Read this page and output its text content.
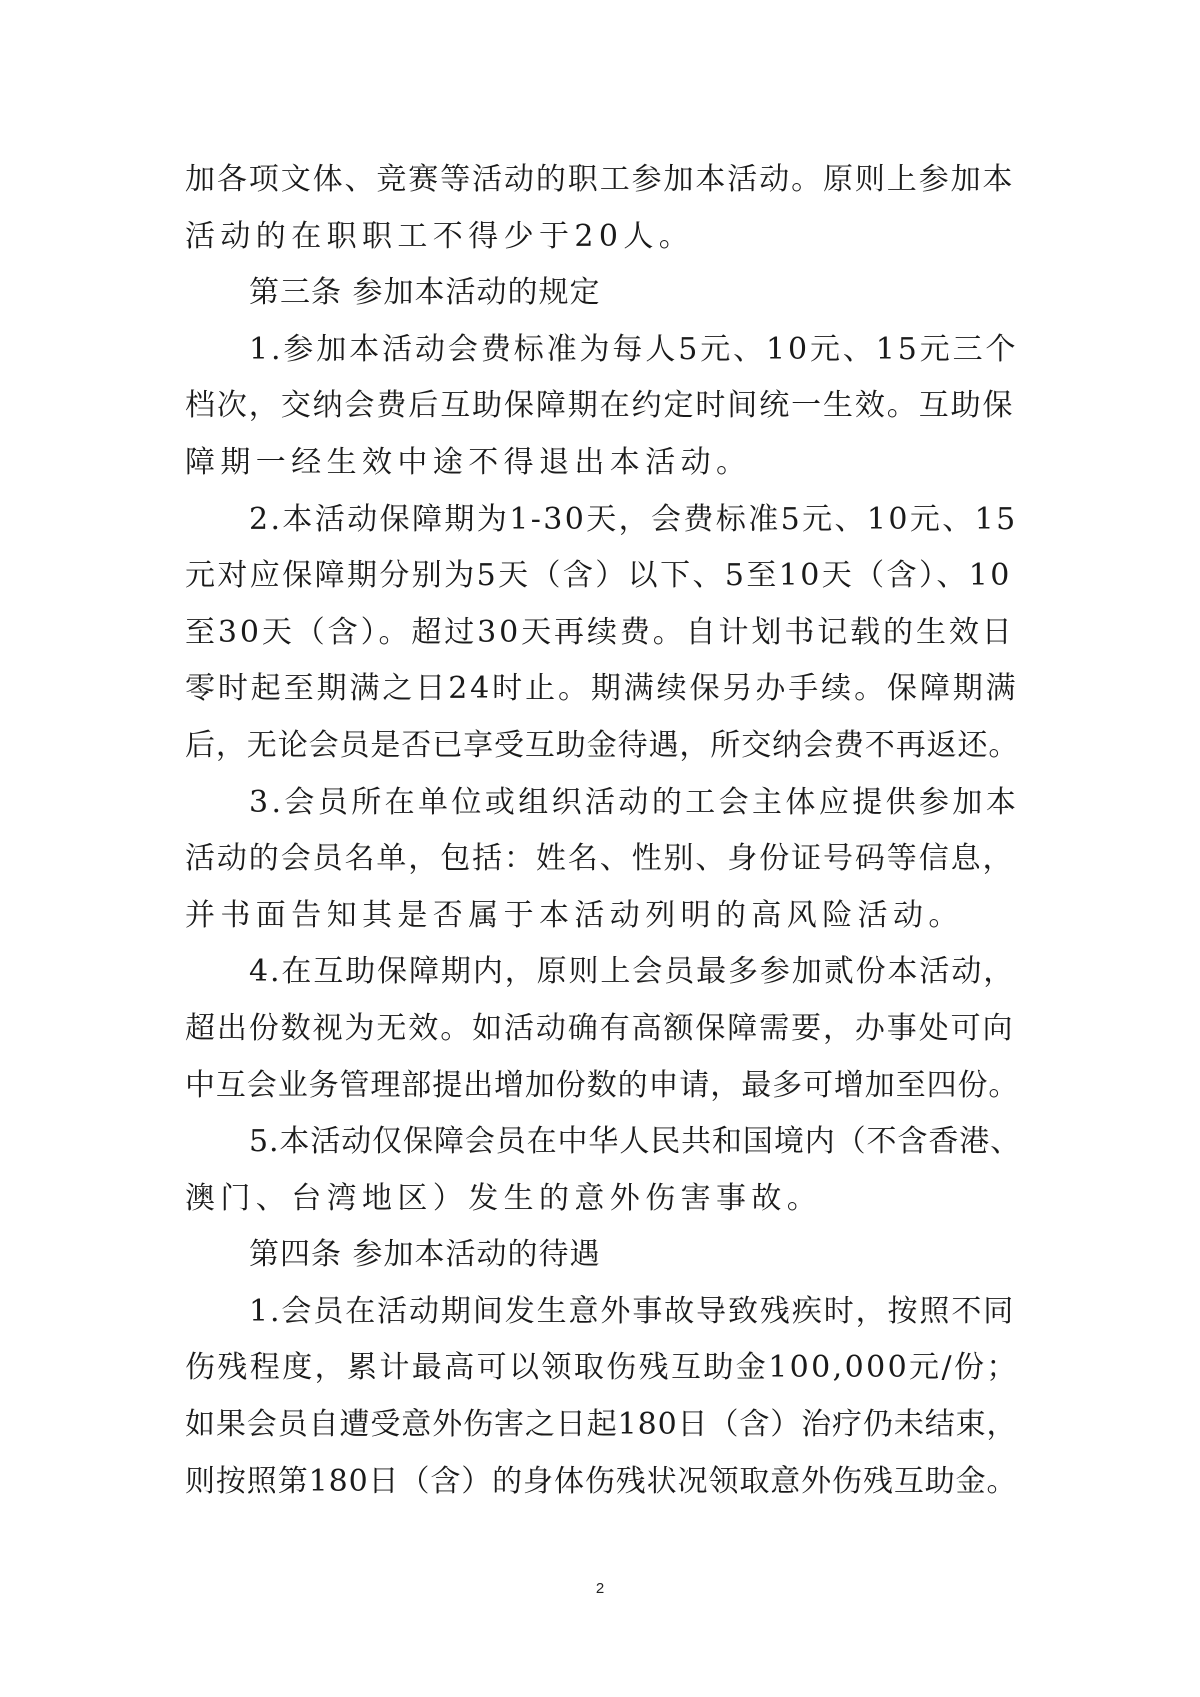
加各项文体、竞赛等活动的职工参加本活动。原则上参加本
活动的在职职工不得少于20人。
第三条 参加本活动的规定
1.参加本活动会费标准为每人5元、10元、15元三个
档次，交纳会费后互助保障期在约定时间统一生效。互助保
障期一经生效中途不得退出本活动。
2.本活动保障期为1-30天，会费标准5元、10元、15
元对应保障期分别为5天（含）以下、5至10天（含）、10
至30天（含）。超过30天再续费。自计划书记载的生效日
零时起至期满之日24时止。期满续保另办手续。保障期满
后，无论会员是否已享受互助金待遇，所交纳会费不再返还。
3.会员所在单位或组织活动的工会主体应提供参加本
活动的会员名单，包括：姓名、性别、身份证号码等信息，
并书面告知其是否属于本活动列明的高风险活动。
4.在互助保障期内，原则上会员最多参加贰份本活动，
超出份数视为无效。如活动确有高额保障需要，办事处可向
中互会业务管理部提出增加份数的申请，最多可增加至四份。
5.本活动仅保障会员在中华人民共和国境内（不含香港、
澳门、台湾地区）发生的意外伤害事故。
第四条 参加本活动的待遇
1.会员在活动期间发生意外事故导致残疾时，按照不同
伤残程度，累计最高可以领取伤残互助金100,000元/份；
如果会员自遭受意外伤害之日起180日（含）治疗仍未结束，
则按照第180日（含）的身体伤残状况领取意外伤残互助金。
2
